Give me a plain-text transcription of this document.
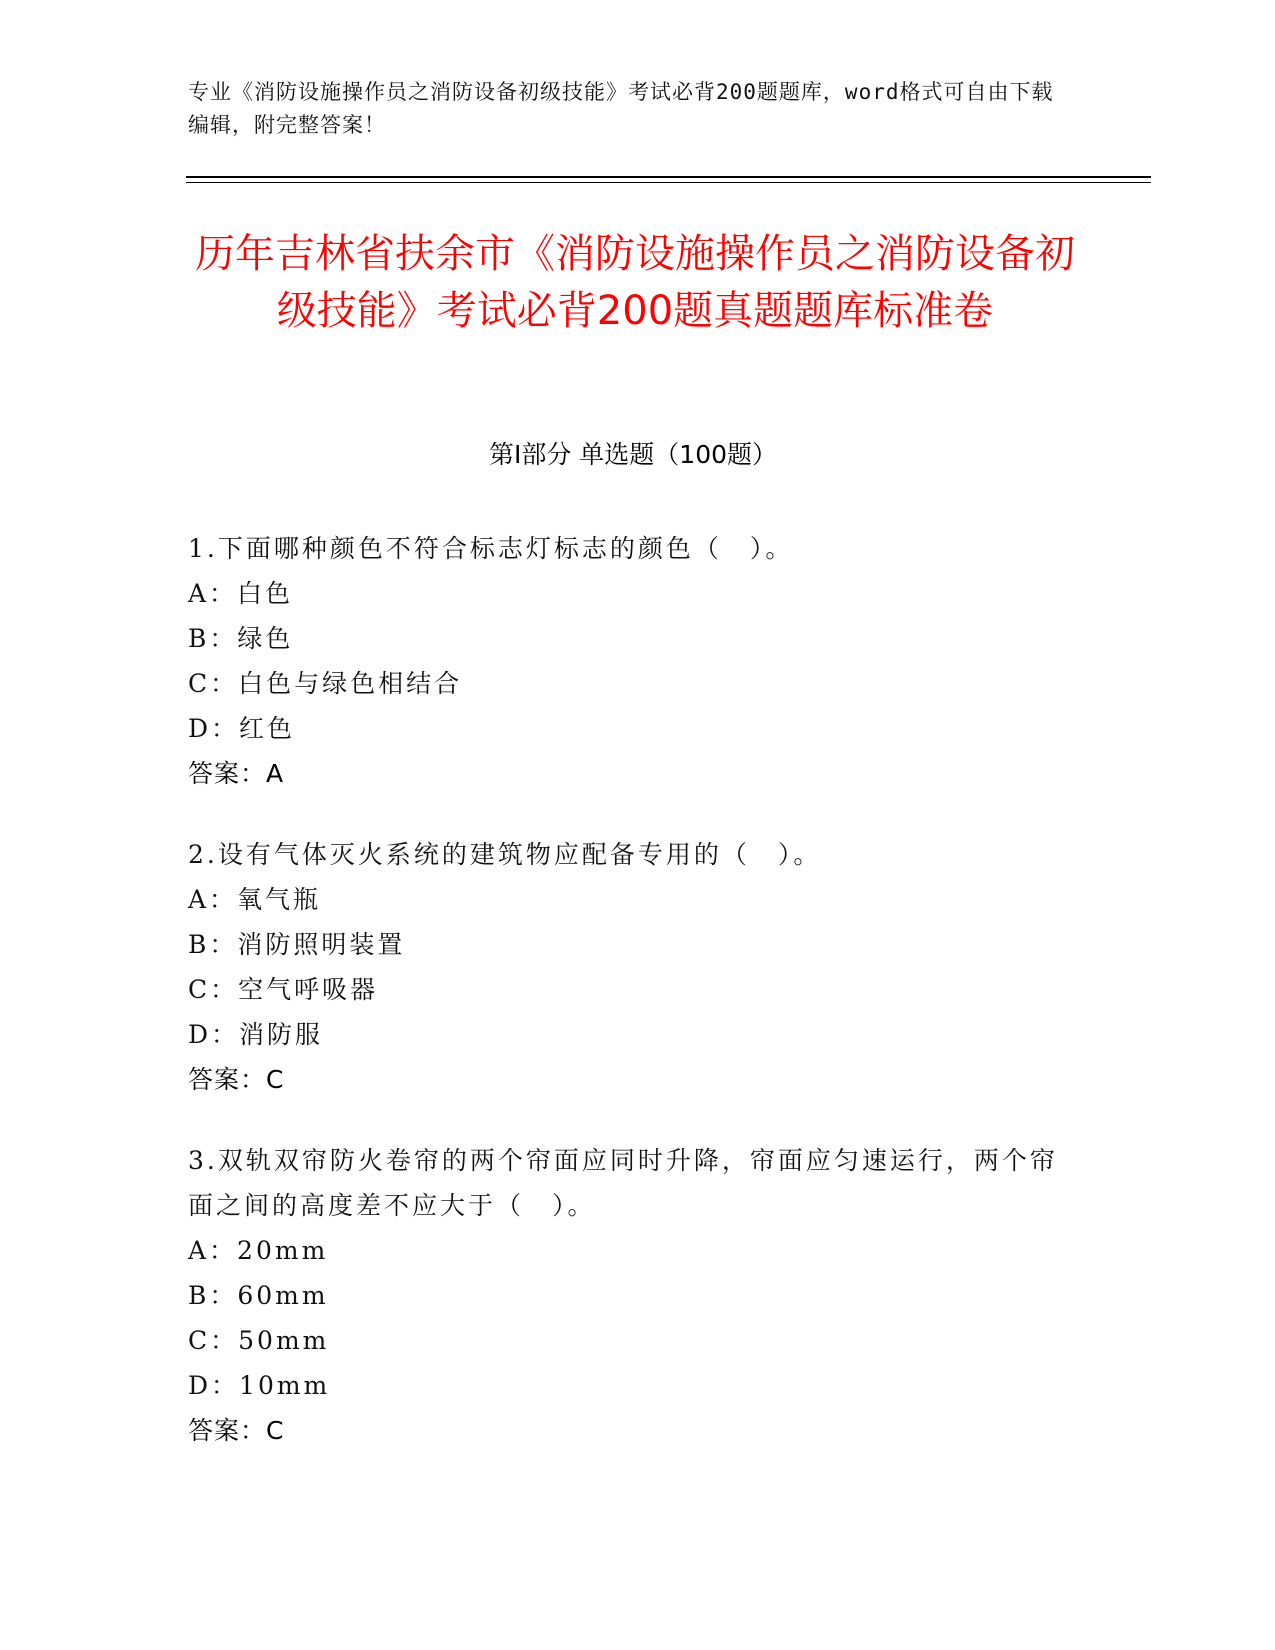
专业《消防设施操作员之消防设备初级技能》考试必背200题题库，word格式可自由下载编辑，附完整答案！
历年吉林省扶余市《消防设施操作员之消防设备初级技能》考试必背200题真题题库标准卷
第Ⅰ部分 单选题（100题）
1.下面哪种颜色不符合标志灯标志的颜色（　）。
A：白色
B：绿色
C：白色与绿色相结合
D：红色
答案：A
2.设有气体灭火系统的建筑物应配备专用的（　）。
A：氧气瓶
B：消防照明装置
C：空气呼吸器
D：消防服
答案：C
3.双轨双帘防火卷帘的两个帘面应同时升降，帘面应匀速运行，两个帘面之间的高度差不应大于（　）。
A：20mm
B：60mm
C：50mm
D：10mm
答案：C
